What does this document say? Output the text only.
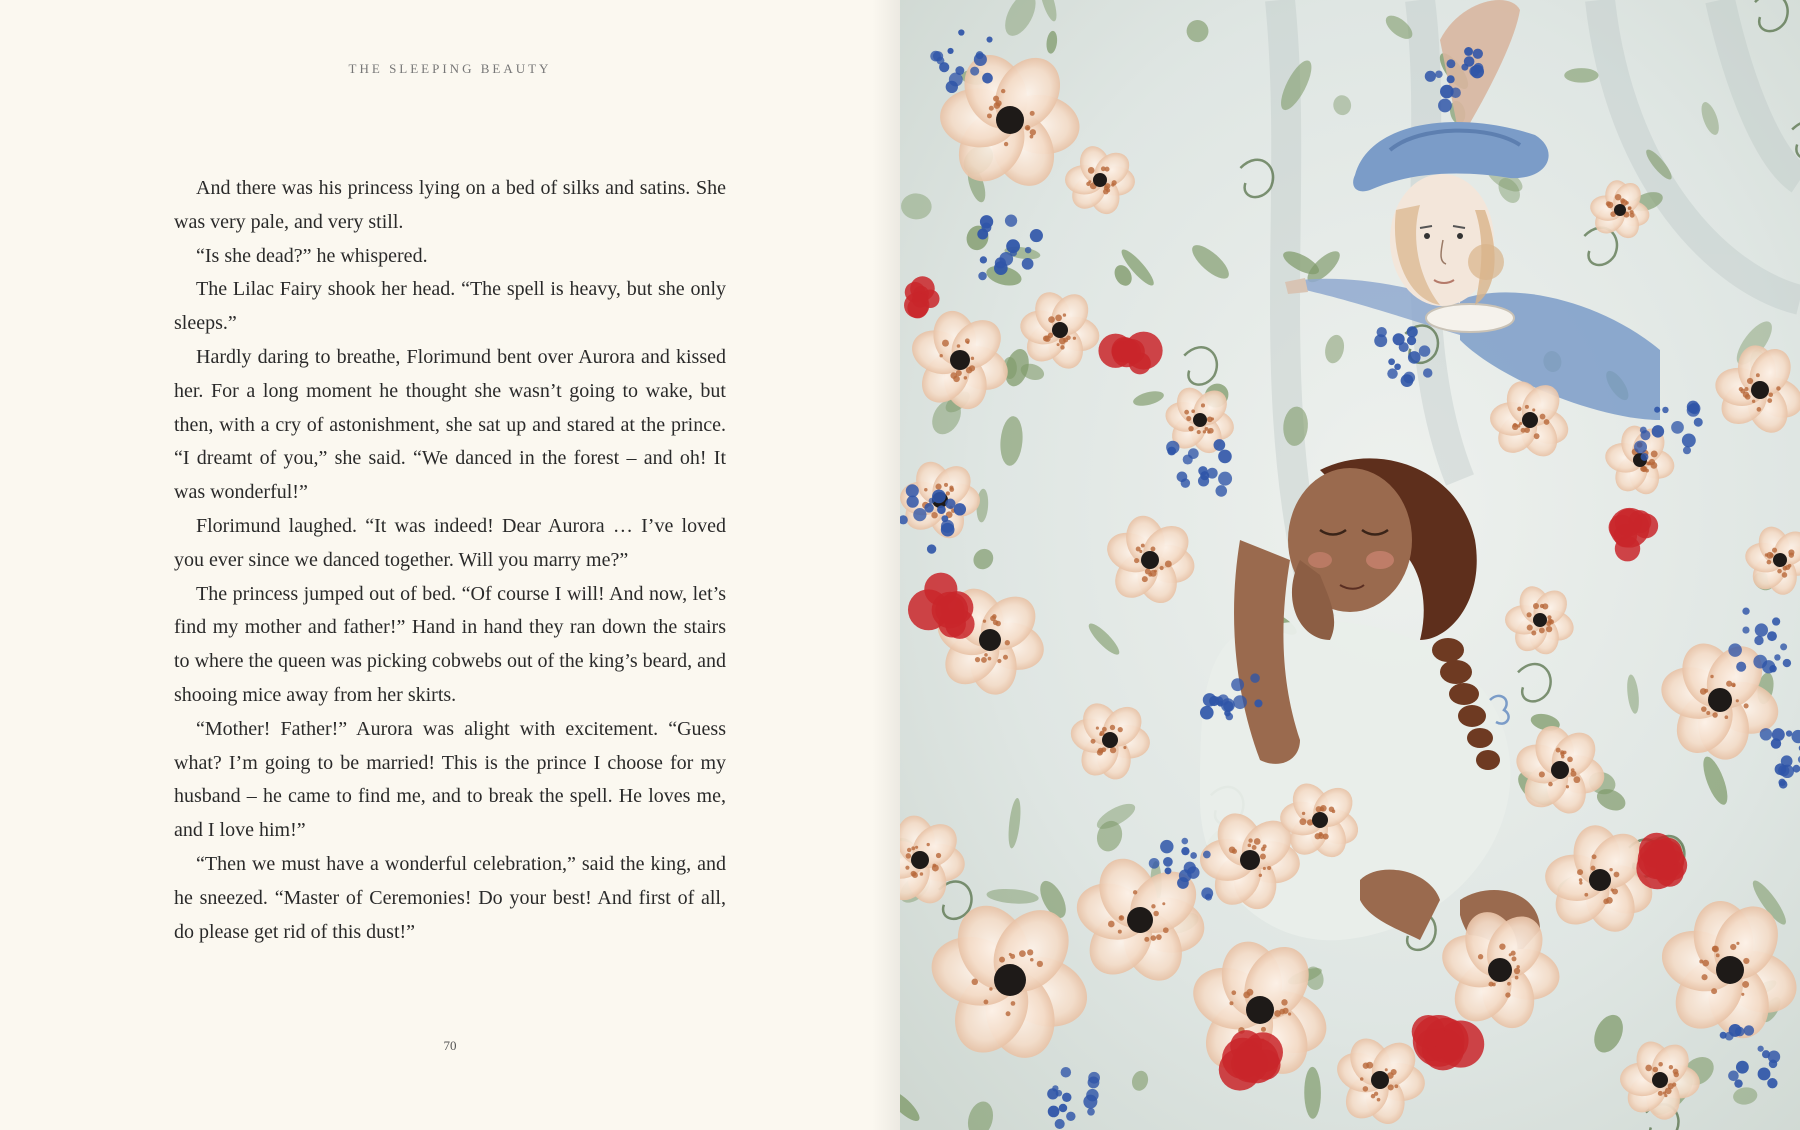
THE SLEEPING BEAUTY

And there was his princess lying on a bed of silks and satins. She was very pale, and very still.

“Is she dead?” he whispered.

The Lilac Fairy shook her head. “The spell is heavy, but she only sleeps.”

Hardly daring to breathe, Florimund bent over Aurora and kissed her. For a long moment he thought she wasn’t going to wake, but then, with a cry of astonishment, she sat up and stared at the prince. “I dreamt of you,” she said. “We danced in the forest – and oh! It was wonderful!”

Florimund laughed. “It was indeed! Dear Aurora … I’ve loved you ever since we danced together. Will you marry me?”

The princess jumped out of bed. “Of course I will! And now, let’s find my mother and father!” Hand in hand they ran down the stairs to where the queen was picking cobwebs out of the king’s beard, and shooing mice away from her skirts.

“Mother! Father!” Aurora was alight with excitement. “Guess what? I’m going to be married! This is the prince I choose for my husband – he came to find me, and to break the spell. He loves me, and I love him!”

“Then we must have a wonderful celebration,” said the king, and he sneezed. “Master of Ceremonies! Do your best! And first of all, do please get rid of this dust!”

70
